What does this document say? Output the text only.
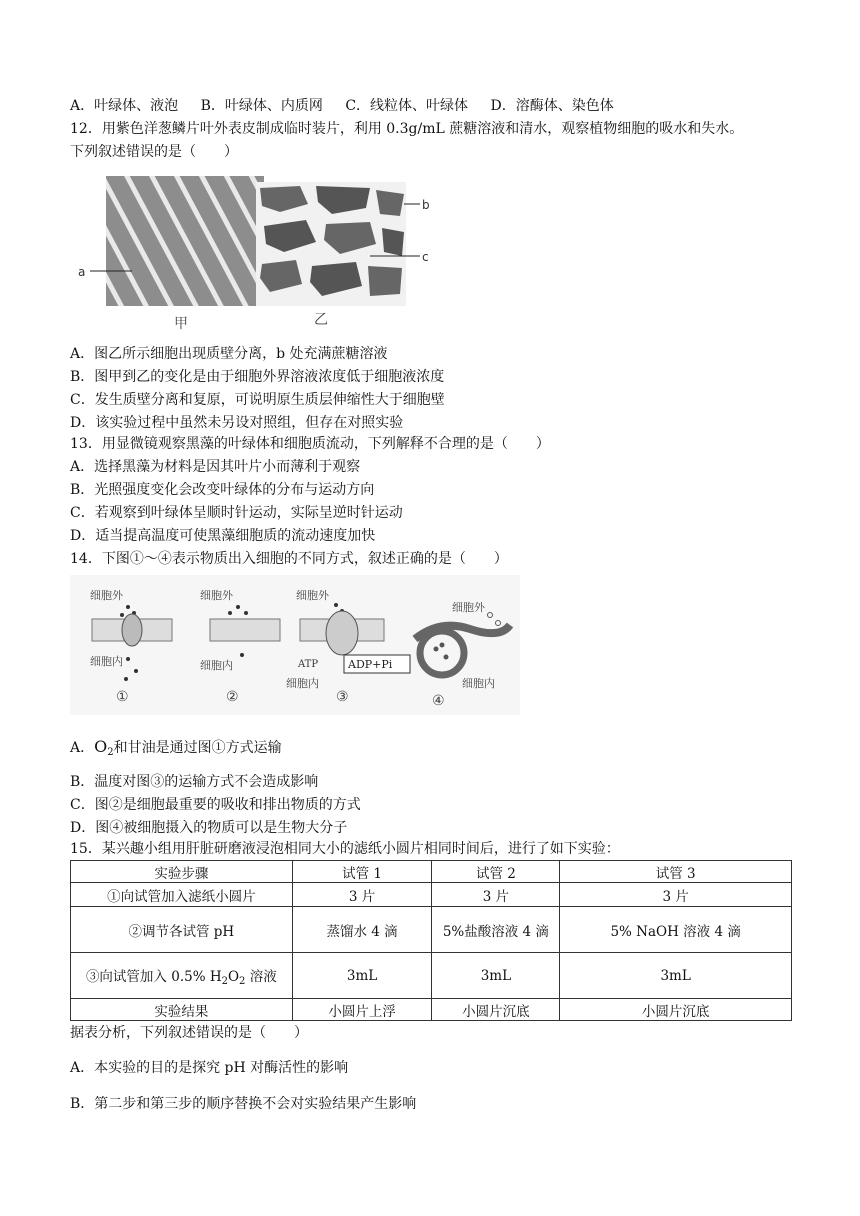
A．叶绿体、液泡 B．叶绿体、内质网 C．线粒体、叶绿体 D．溶酶体、染色体
12．用紫色洋葱鳞片叶外表皮制成临时装片，利用 0.3g/mL 蔗糖溶液和清水，观察植物细胞的吸水和失水。
下列叙述错误的是（　　）
a
甲
b
c
乙
A．图乙所示细胞出现质壁分离，b 处充满蔗糖溶液
B．图甲到乙的变化是由于细胞外界溶液浓度低于细胞液浓度
C．发生质壁分离和复原，可说明原生质层伸缩性大于细胞壁
D．该实验过程中虽然未另设对照组，但存在对照实验
13．用显微镜观察黑藻的叶绿体和细胞质流动，下列解释不合理的是（　　）
A．选择黑藻为材料是因其叶片小而薄利于观察
B．光照强度变化会改变叶绿体的分布与运动方向
C．若观察到叶绿体呈顺时针运动，实际呈逆时针运动
D．适当提高温度可使黑藻细胞质的流动速度加快
14．下图①～④表示物质出入细胞的不同方式，叙述正确的是（　　）
细胞外
细胞内
①
细胞外
细胞内
②
细胞外
ATP	ADP+Pi
细胞内
③
细胞外
细胞内
④
A．$O_2$和甘油是通过图①方式运输
B．温度对图③的运输方式不会造成影响
C．图②是细胞最重要的吸收和排出物质的方式
D．图④被细胞摄入的物质可以是生物大分子
15．某兴趣小组用肝脏研磨液浸泡相同大小的滤纸小圆片相同时间后，进行了如下实验：
实验步骤	试管 1	试管 2	试管 3
①向试管加入滤纸小圆片	3 片	3 片	3 片
②调节各试管 pH	蒸馏水 4 滴	5%盐酸溶液 4 滴	5% NaOH 溶液 4 滴
③向试管加入 0.5% $H_2O_2$ 溶液	3mL	3mL	3mL
实验结果	小圆片上浮	小圆片沉底	小圆片沉底
据表分析，下列叙述错误的是（　　）
A．本实验的目的是探究 pH 对酶活性的影响
B．第二步和第三步的顺序替换不会对实验结果产生影响
